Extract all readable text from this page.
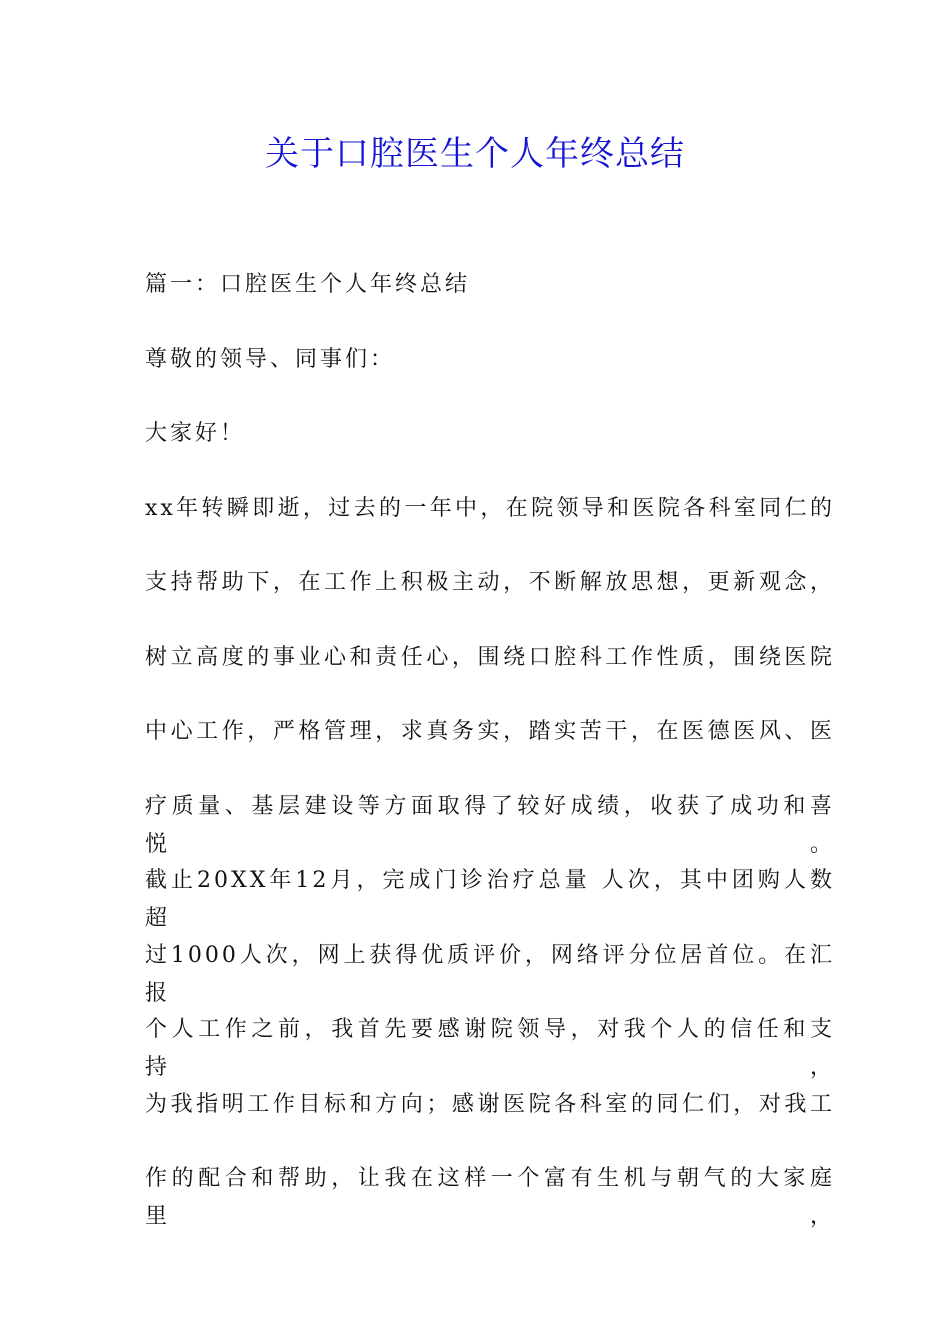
关于口腔医生个人年终总结
篇一：口腔医生个人年终总结
尊敬的领导、同事们：
大家好！
xx年转瞬即逝，过去的一年中，在院领导和医院各科室同仁的
支持帮助下，在工作上积极主动，不断解放思想，更新观念，
树立高度的事业心和责任心，围绕口腔科工作性质，围绕医院
中心工作，严格管理，求真务实，踏实苦干，在医德医风、医
疗质量、基层建设等方面取得了较好成绩，收获了成功和喜悦。
截止20XX年12月，完成门诊治疗总量 人次，其中团购人数超
过1000人次，网上获得优质评价，网络评分位居首位。在汇报
个人工作之前，我首先要感谢院领导，对我个人的信任和支持，
为我指明工作目标和方向；感谢医院各科室的同仁们，对我工
作的配合和帮助，让我在这样一个富有生机与朝气的大家庭里，
